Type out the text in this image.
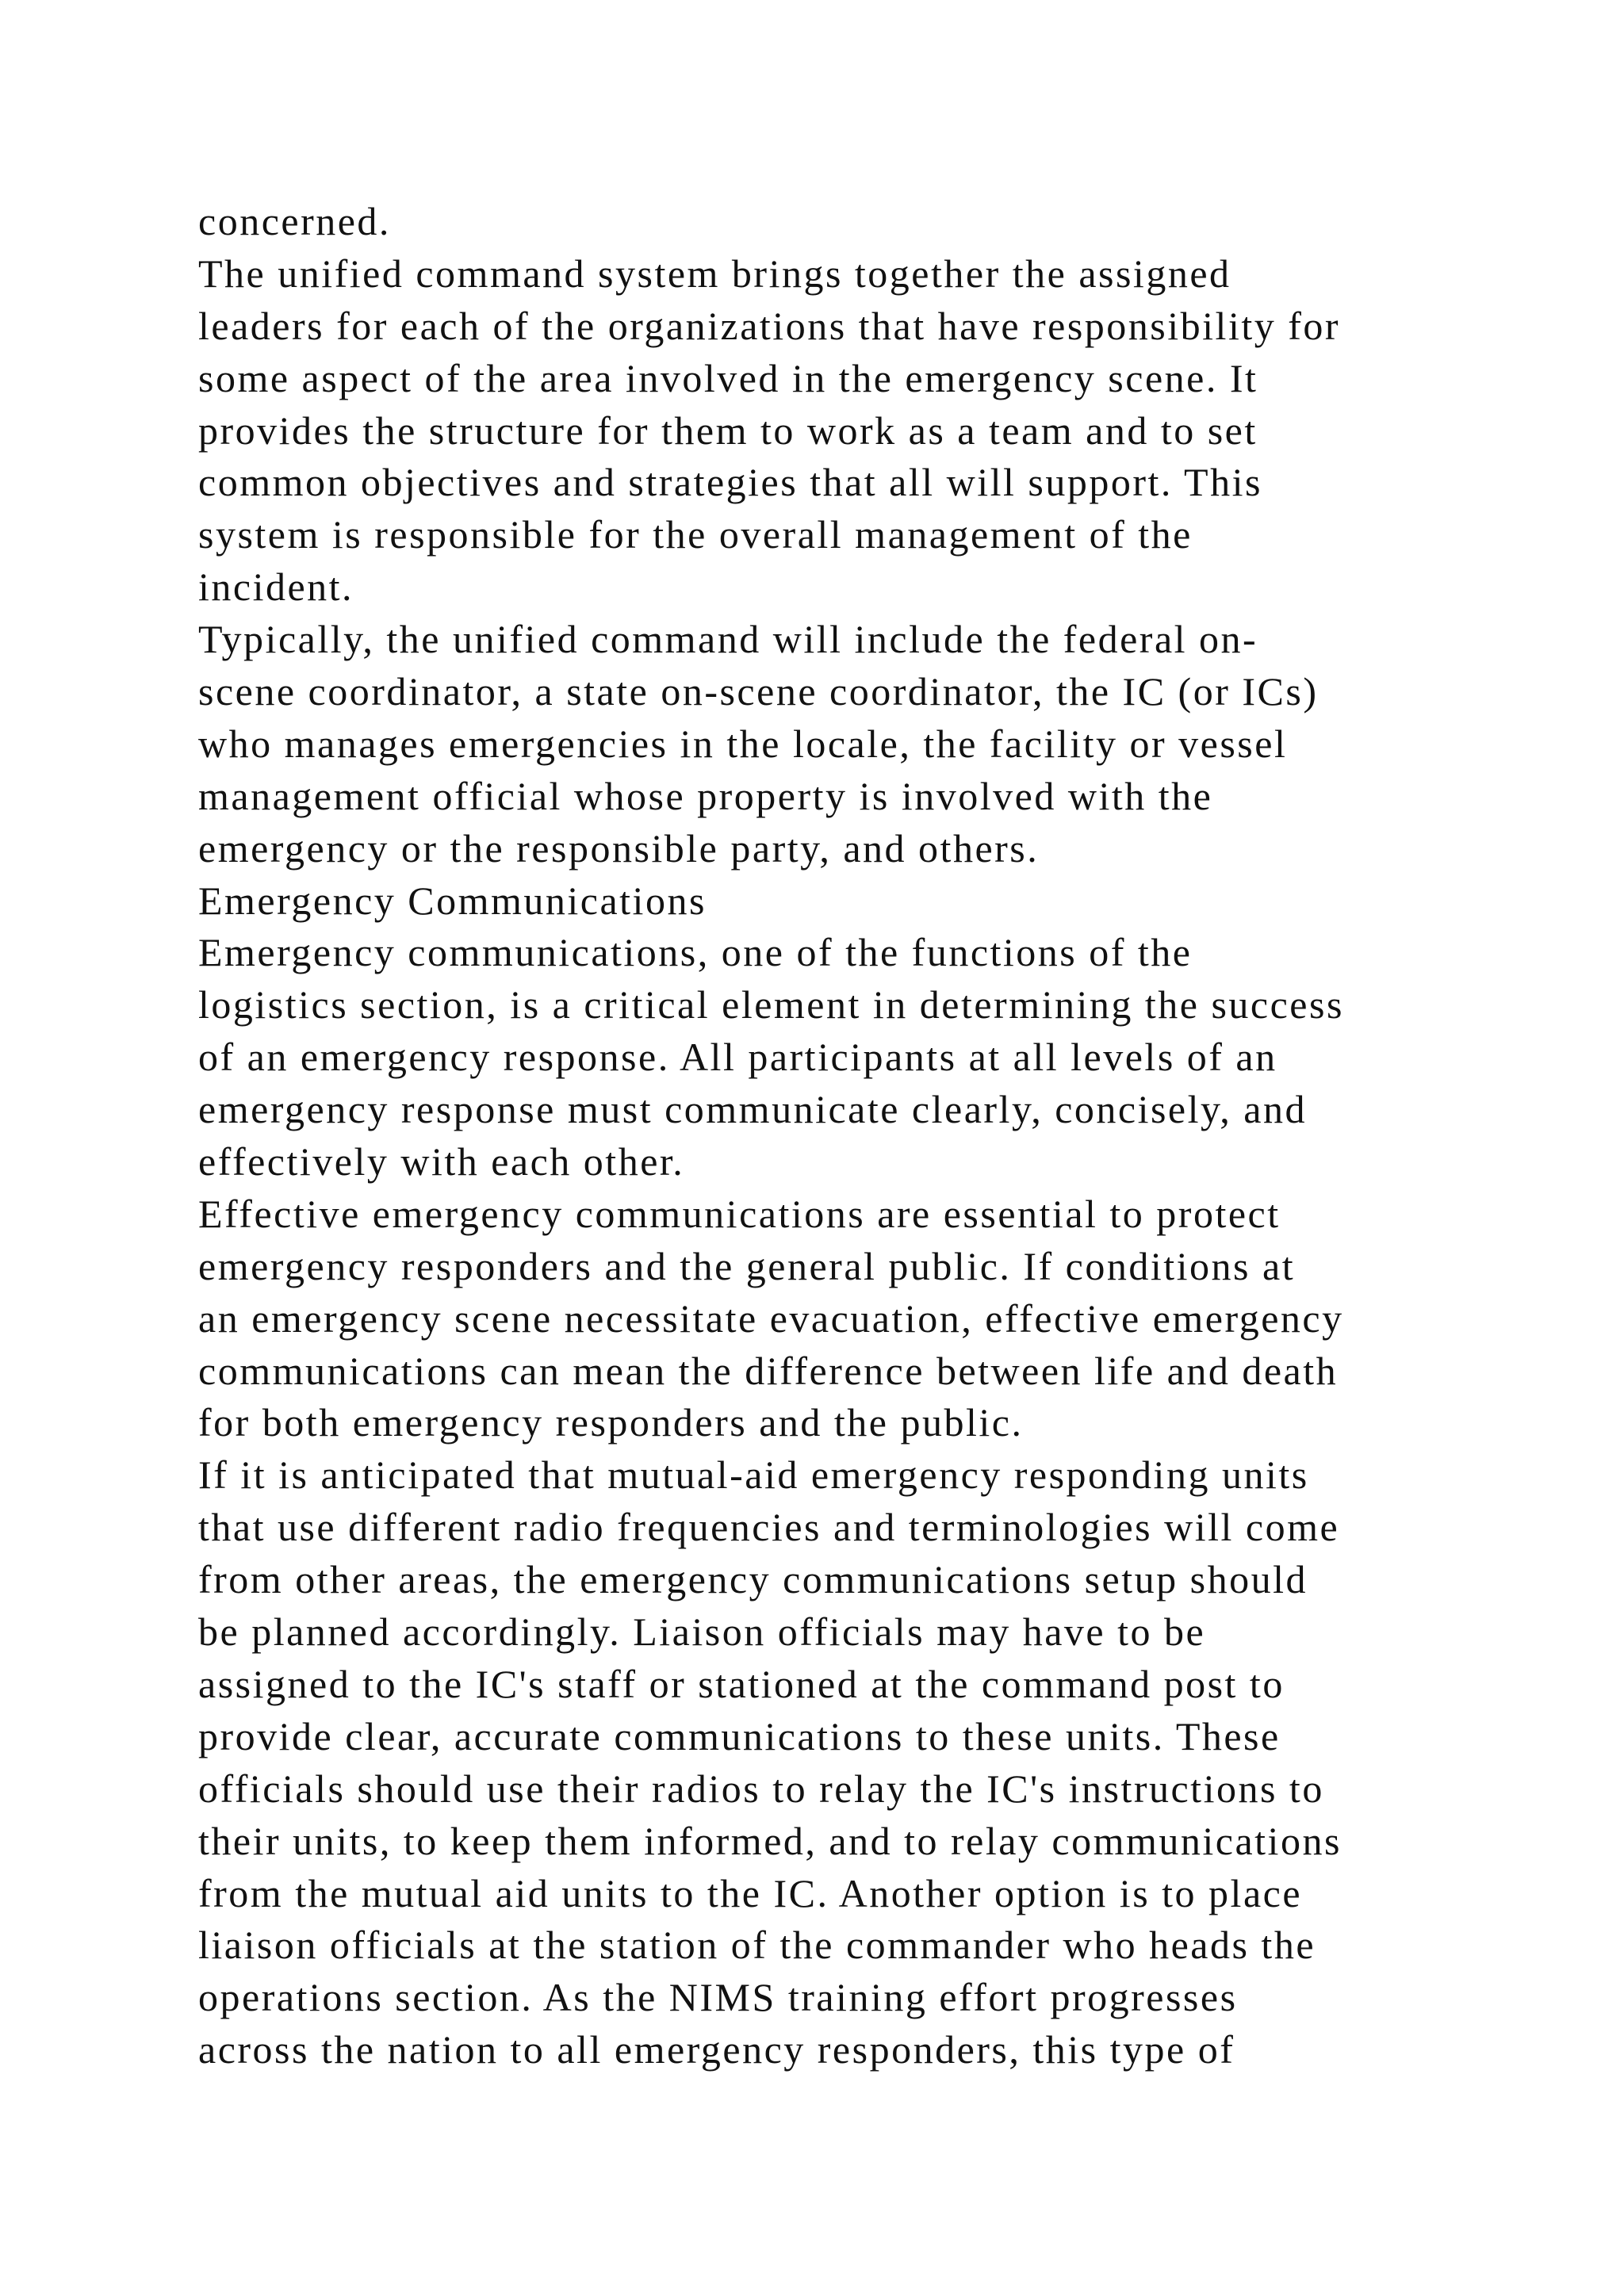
concerned.
The unified command system brings together the assigned
leaders for each of the organizations that have responsibility for
some aspect of the area involved in the emergency scene. It
provides the structure for them to work as a team and to set
common objectives and strategies that all will support. This
system is responsible for the overall management of the
incident.
Typically, the unified command will include the federal on-
scene coordinator, a state on-scene coordinator, the IC (or ICs)
who manages emergencies in the locale, the facility or vessel
management official whose property is involved with the
emergency or the responsible party, and others.
Emergency Communications
Emergency communications, one of the functions of the
logistics section, is a critical element in determining the success
of an emergency response. All participants at all levels of an
emergency response must communicate clearly, concisely, and
effectively with each other.
Effective emergency communications are essential to protect
emergency responders and the general public. If conditions at
an emergency scene necessitate evacuation, effective emergency
communications can mean the difference between life and death
for both emergency responders and the public.
If it is anticipated that mutual-aid emergency responding units
that use different radio frequencies and terminologies will come
from other areas, the emergency communications setup should
be planned accordingly. Liaison officials may have to be
assigned to the IC's staff or stationed at the command post to
provide clear, accurate communications to these units. These
officials should use their radios to relay the IC's instructions to
their units, to keep them informed, and to relay communications
from the mutual aid units to the IC. Another option is to place
liaison officials at the station of the commander who heads the
operations section. As the NIMS training effort progresses
across the nation to all emergency responders, this type of
